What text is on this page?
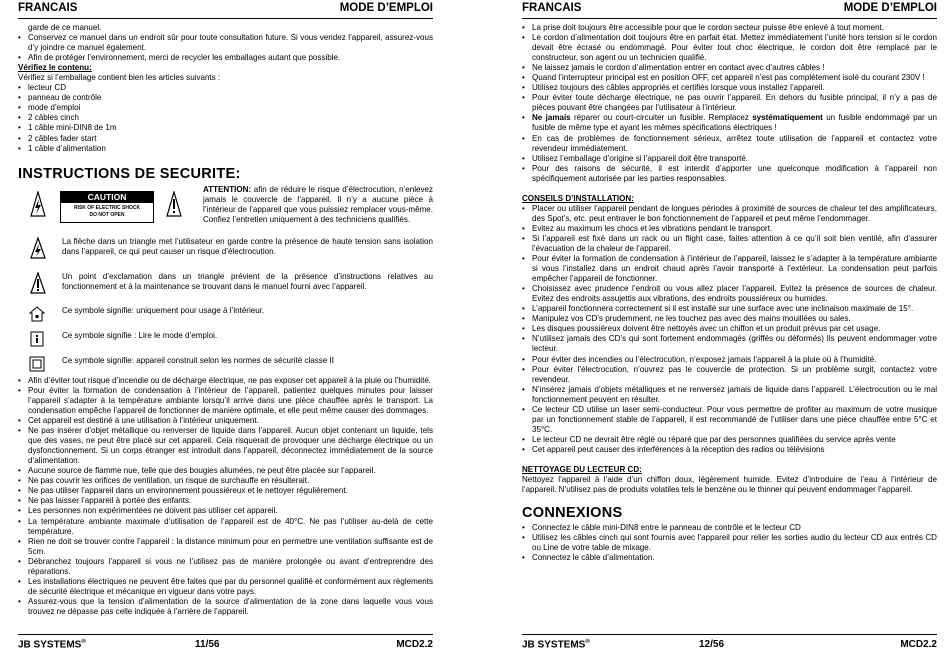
FRANCAIS	MODE D’EMPLOI

garde de ce manuel.

• Conservez ce manuel dans un endroit sûr pour toute consultation future. Si vous vendez l’appareil, assurez-vous d’y joindre ce manuel également.
• Afin de protéger l’environnement, merci de recycler les emballages autant que possible.

Vérifiez le contenu:

Vérifiez si l’emballage contient bien les articles suivants :

• lecteur CD
• panneau de contrôle
• mode d’emploi
• 2 câbles cinch
• 1 câble mini-DIN8 de 1m
• 2 câbles fader start
• 1 câble d’alimentation

INSTRUCTIONS DE SECURITE:

CAUTION
RISK OF ELECTRIC SHOCK
DO NOT OPEN

ATTENTION: afin de réduire le risque d’électrocution, n’enlevez jamais le couvercle de l’appareil. Il n’y a aucune pièce à l’intérieur de l’appareil que vous puissiez remplacer vous-même. Confiez l’entretien uniquement à des techniciens qualifiés.

La flèche dans un triangle met l’utilisateur en garde contre la présence de haute tension sans isolation dans l’appareil, ce qui peut causer un risque d’électrocution.

Un point d’exclamation dans un triangle prévient de la présence d’instructions relatives au fonctionnement et à la maintenance se trouvant dans le manuel fourni avec l’appareil.

Ce symbole signifie: uniquement pour usage à l’intérieur.

Ce symbole signifie : Lire le mode d’emploi.

Ce symbole signifie: appareil construit selon les normes de sécurité classe II

• Afin d’éviter tout risque d’incendie ou de décharge électrique, ne pas exposer cet appareil à la pluie ou l’humidité.
• Pour éviter la formation de condensation à l’intérieur de l’appareil, patientez quelques minutes pour laisser l’appareil s’adapter à la température ambiante lorsqu’il arrive dans une pièce chauffée après le transport. La condensation empêche l’appareil de fonctionner de manière optimale, et elle peut même causer des dommages.
• Cet appareil est destiné à une utilisation à l’intérieur uniquement.
• Ne pas insérer d’objet métallique ou renverser de liquide dans l’appareil. Aucun objet contenant un liquide, tels que des vases, ne peut être placé sur cet appareil. Cela risquerait de provoquer une décharge électrique ou un dysfonctionnement. Si un corps étranger est introduit dans l’appareil, déconnectez immédiatement de la source d’alimentation.
• Aucune source de flamme nue, telle que des bougies allumées, ne peut être placée sur l’appareil.
• Ne pas couvrir les orifices de ventilation, un risque de surchauffe en résulterait.
• Ne pas utiliser l’appareil dans un environnement poussiéreux et le nettoyer régulièrement.
• Ne pas laisser l’appareil à portée des enfants.
• Les personnes non expérimentées ne doivent pas utiliser cet appareil.
• La température ambiante maximale d’utilisation de l’appareil est de 40°C. Ne pas l’utiliser au-delà de cette température.
• Rien ne doit se trouver contre l’appareil : la distance minimum pour en permettre une ventilation suffisante est de 5cm.
• Débranchez toujours l’appareil si vous ne l’utilisez pas de manière prolongée ou avant d’entreprendre des réparations.
• Les installations électriques ne peuvent être faites que par du personnel qualifié et conformément aux règlements de sécurité électrique et mécanique en vigueur dans votre pays.
• Assurez-vous que la tension d’alimentation de la source d’alimentation de la zone dans laquelle vous vous trouvez ne dépasse pas celle indiquée à l’arrière de l’appareil.
JB SYSTEMS®	11/56	MCD2.2
FRANCAIS	MODE D’EMPLOI
• La prise doit toujours être accessible pour que le cordon secteur puisse être enlevé à tout moment.
• Le cordon d’alimentation doit toujours être en parfait état. Mettez immédiatement l’unité hors tension si le cordon devait être écrasé ou endommagé. Pour éviter tout choc électrique, le cordon doit être remplacé par le constructeur, son agent ou un technicien qualifié.
• Ne laissez jamais le cordon d’alimentation entrer en contact avec d’autres câbles !
• Quand l’interrupteur principal est en position OFF, cet appareil n’est pas complètement isolé du courant 230V !
• Utilisez toujours des câbles appropriés et certifiés lorsque vous installez l’appareil.
• Pour éviter toute décharge électrique, ne pas ouvrir l’appareil. En dehors du fusible principal, il n’y a pas de pièces pouvant être changées par l’utilisateur à l’intérieur.
• Ne jamais réparer ou court-circuiter un fusible. Remplacez systématiquement un fusible endommagé par un fusible de même type et ayant les mêmes spécifications électriques !
• En cas de problèmes de fonctionnement sérieux, arrêtez toute utilisation de l’appareil et contactez votre revendeur immédiatement.
• Utilisez l’emballage d’origine si l’appareil doit être transporté.
• Pour des raisons de sécurité, il est interdit d’apporter une quelconque modification à l’appareil non spécifiquement autorisée par les parties responsables.

CONSEILS D’INSTALLATION:

• Placer ou utiliser l’appareil pendant de longues périodes à proximité de sources de chaleur tel des amplificateurs, des Spot’s, etc. peut entraver le bon fonctionnement de l’appareil et peut même l’endommager.
• Evitez au maximum les chocs et les vibrations pendant le transport.
• Si l’appareil est fixé dans un rack ou un flight case, faites attention à ce qu’il soit bien ventilé, afin d’assurer l’évacuation de la chaleur de l’appareil.
• Pour éviter la formation de condensation à l’intérieur de l’appareil, laissez le s’adapter à la température ambiante si vous l’installez dans un endroit chaud après l’avoir transporté à l’extérieur. La condensation peut parfois empêcher l’appareil de fonctionner.
• Choisissez avec prudence l’endroit ou vous allez placer l’appareil. Evitez la présence de sources de chaleur. Evitez des endroits assujettis aux vibrations, des endroits poussiéreux ou humides.
• L’appareil fonctionnera correctement si il est installé sur une surface avec une inclinaison maximale de 15°.
• Manipulez vos CD’s prudemment, ne les touchez pas avec des mains mouillées ou sales.
• Les disques poussiéreux doivent être nettoyés avec un chiffon et un produit prévus par cet usage.
• N’utilisez jamais des CD’s qui sont fortement endommagés (griffés ou déformés) Ils peuvent endommager votre lecteur.
• Pour éviter des incendies ou l’électrocution, n’exposez jamais l’appareil à la pluie où à l’humidité.
• Pour éviter l’électrocution, n’ouvrez pas le couvercle de protection. Si un problème surgit, contactez votre revendeur.
• N’insérez jamais d’objets métalliques et ne renversez jamais de liquide dans l’appareil. L’électrocution ou le mal fonctionnement peuvent en résulter.
• Ce lecteur CD utilise un laser semi-conducteur. Pour vous permettre de profiter au maximum de votre musique par un fonctionnement stable de l’appareil, il est recommandé de l’utiliser dans une pièce chauffée entre 5°C et 35°C.
• Le lecteur CD ne devrait être réglé ou réparé que par des personnes qualifiées du service après vente
• Cet appareil peut causer des interférences à la réception des radios ou télévisions

NETTOYAGE DU LECTEUR CD:

Nettoyez l’appareil à l’aide d’un chiffon doux, légèrement humide. Evitez d’introduire de l’eau à l’intérieur de l’appareil. N’utilisez pas de produits volatiles tels le benzène ou le thinner qui peuvent endommager l’appareil.

CONNEXIONS

• Connectez le câble mini-DIN8 entre le panneau de contrôle et le lecteur CD
• Utilisez les câbles cinch qui sont fournis avec l’appareil pour relier les sorties audio du lecteur CD aux entrés CD ou Line de votre table de mixage.
• Connectez le câble d’alimentation.
JB SYSTEMS®	12/56	MCD2.2
